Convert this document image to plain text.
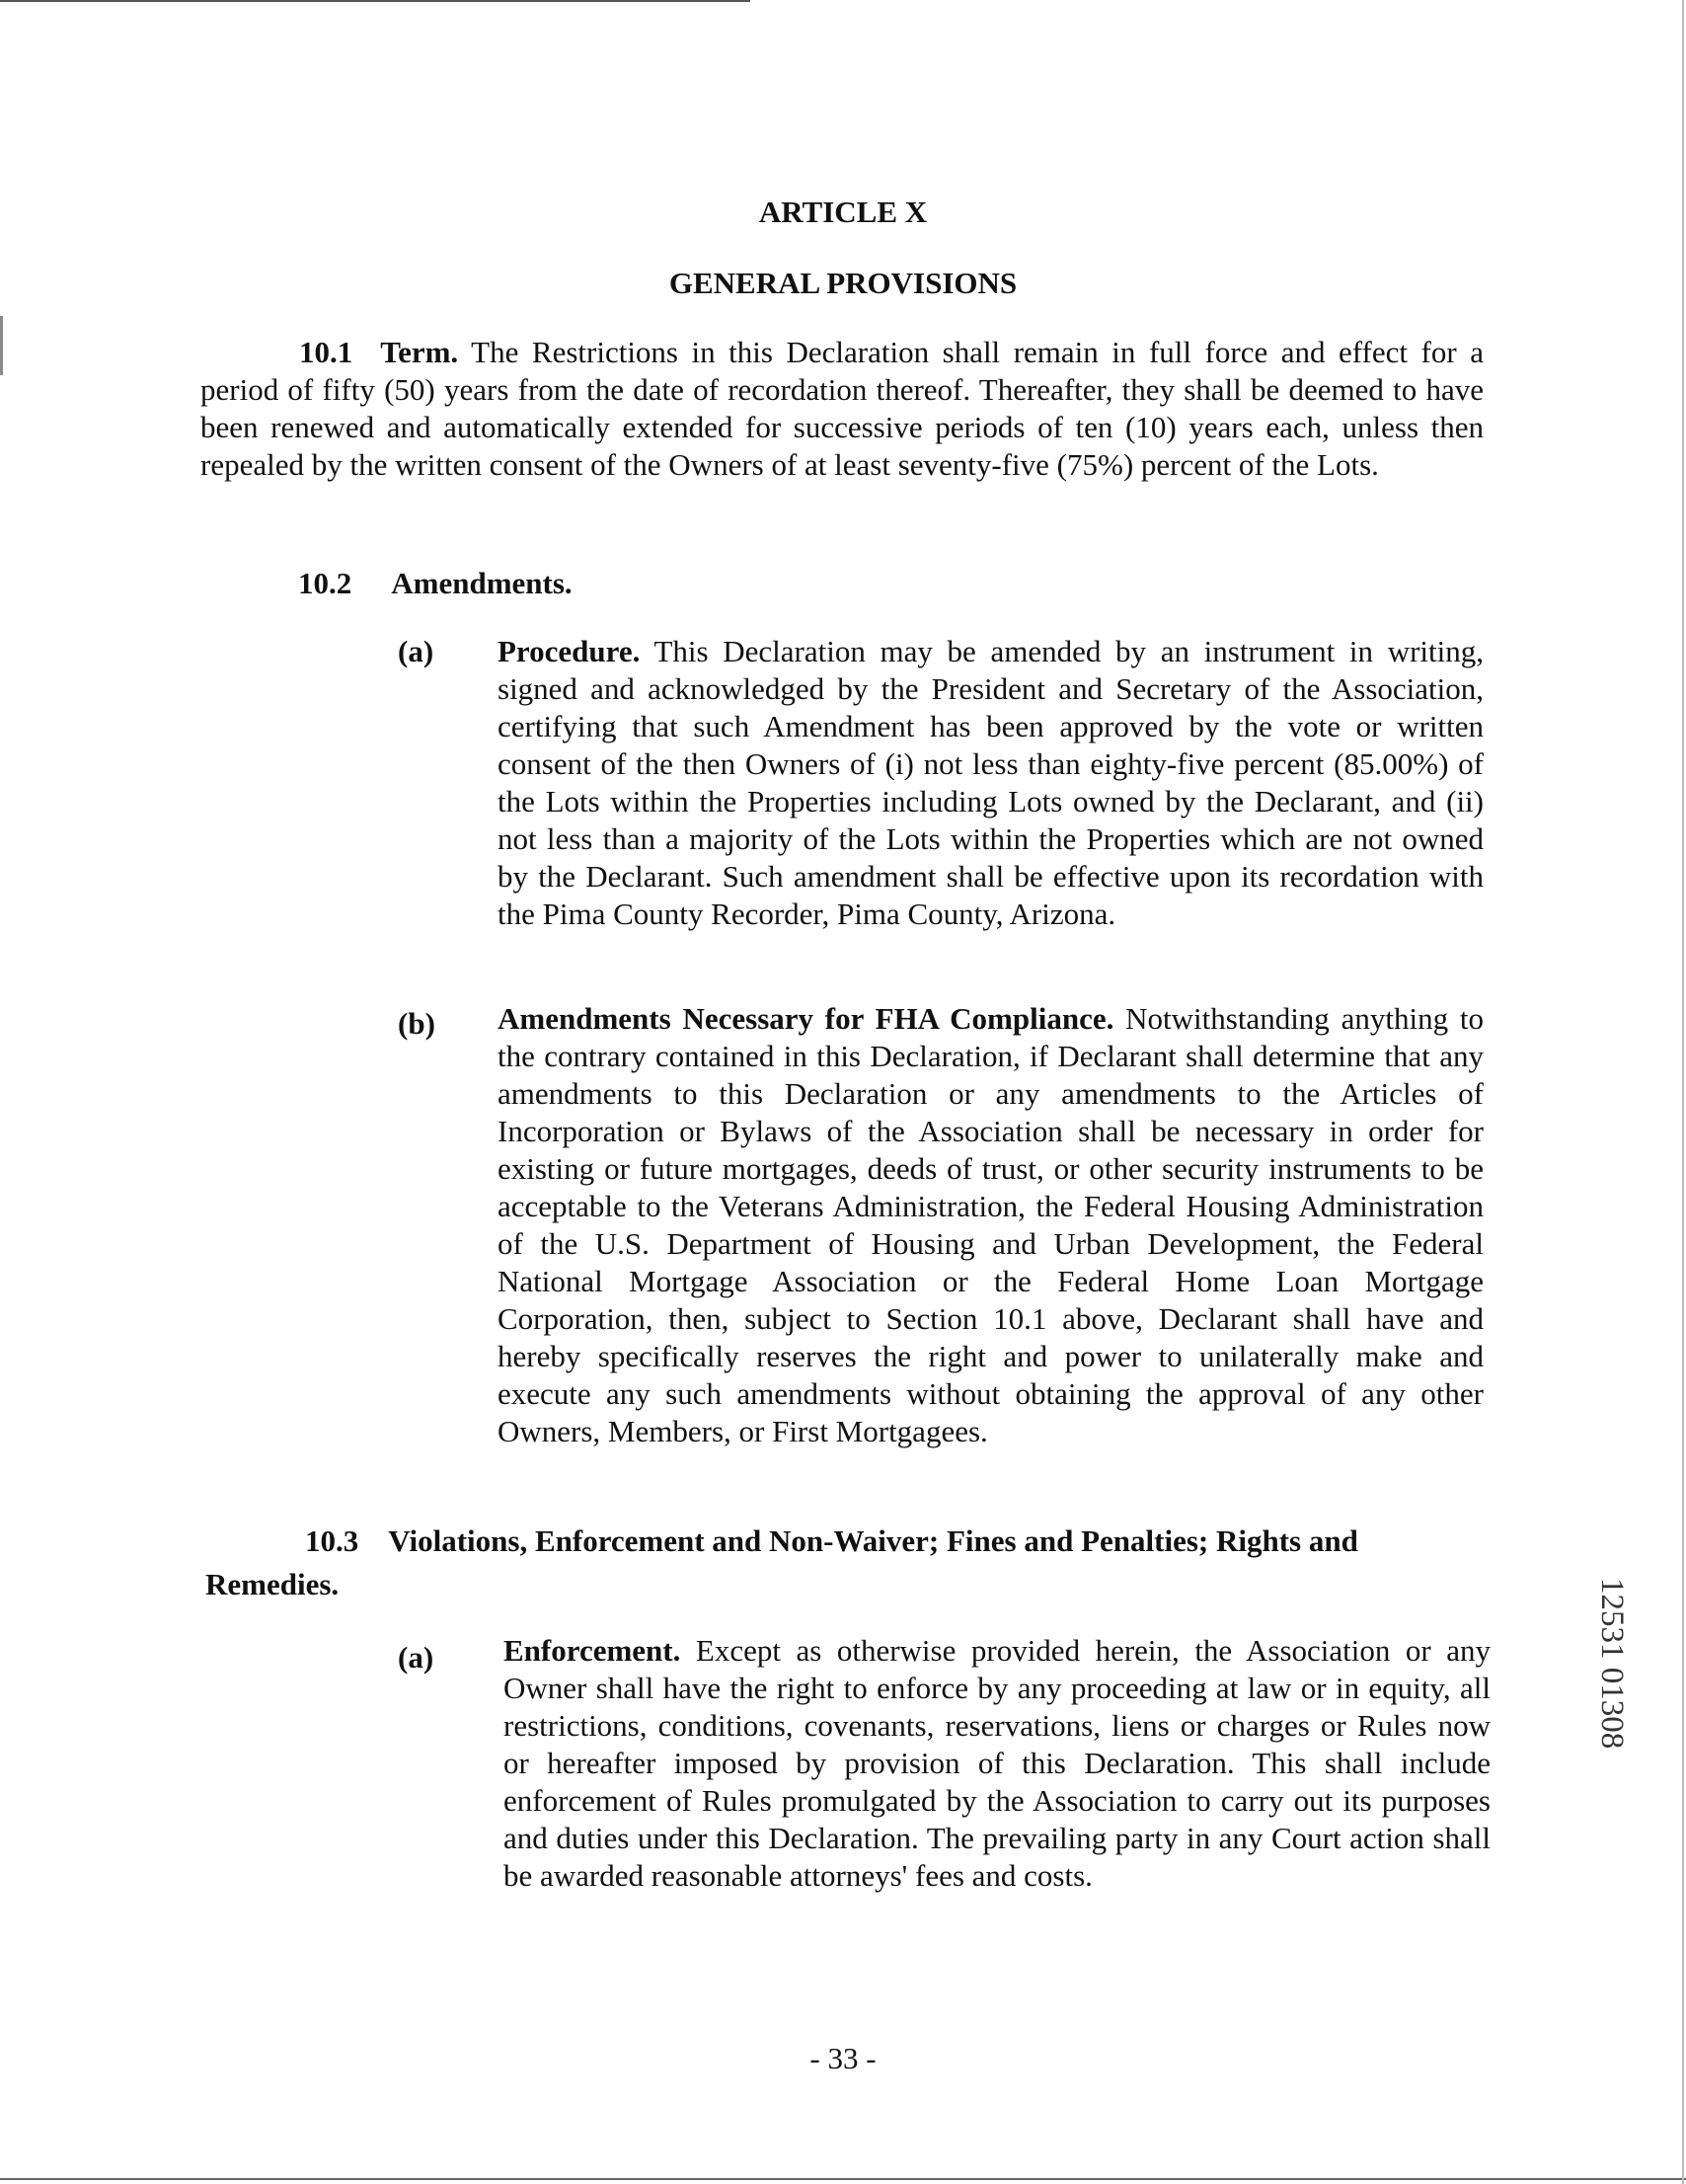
ARTICLE X
GENERAL PROVISIONS

10.1 Term. The Restrictions in this Declaration shall remain in full force and effect for a period of fifty (50) years from the date of recordation thereof. Thereafter, they shall be deemed to have been renewed and automatically extended for successive periods of ten (10) years each, unless then repealed by the written consent of the Owners of at least seventy-five (75%) percent of the Lots.

10.2 Amendments.
(a) Procedure. This Declaration may be amended by an instrument in writing, signed and acknowledged by the President and Secretary of the Association, certifying that such Amendment has been approved by the vote or written consent of the then Owners of (i) not less than eighty-five percent (85.00%) of the Lots within the Properties including Lots owned by the Declarant, and (ii) not less than a majority of the Lots within the Properties which are not owned by the Declarant. Such amendment shall be effective upon its recordation with the Pima County Recorder, Pima County, Arizona.

(b) Amendments Necessary for FHA Compliance. Notwithstanding anything to the contrary contained in this Declaration, if Declarant shall determine that any amendments to this Declaration or any amendments to the Articles of Incorporation or Bylaws of the Association shall be necessary in order for existing or future mortgages, deeds of trust, or other security instruments to be acceptable to the Veterans Administration, the Federal Housing Administration of the U.S. Department of Housing and Urban Development, the Federal National Mortgage Association or the Federal Home Loan Mortgage Corporation, then, subject to Section 10.1 above, Declarant shall have and hereby specifically reserves the right and power to unilaterally make and execute any such amendments without obtaining the approval of any other Owners, Members, or First Mortgagees.

10.3 Violations, Enforcement and Non-Waiver; Fines and Penalties; Rights and
Remedies.
(a) Enforcement. Except as otherwise provided herein, the Association or any Owner shall have the right to enforce by any proceeding at law or in equity, all restrictions, conditions, covenants, reservations, liens or charges or Rules now or hereafter imposed by provision of this Declaration. This shall include enforcement of Rules promulgated by the Association to carry out its purposes and duties under this Declaration. The prevailing party in any Court action shall be awarded reasonable attorneys' fees and costs.

12531 01308
- 33 -
